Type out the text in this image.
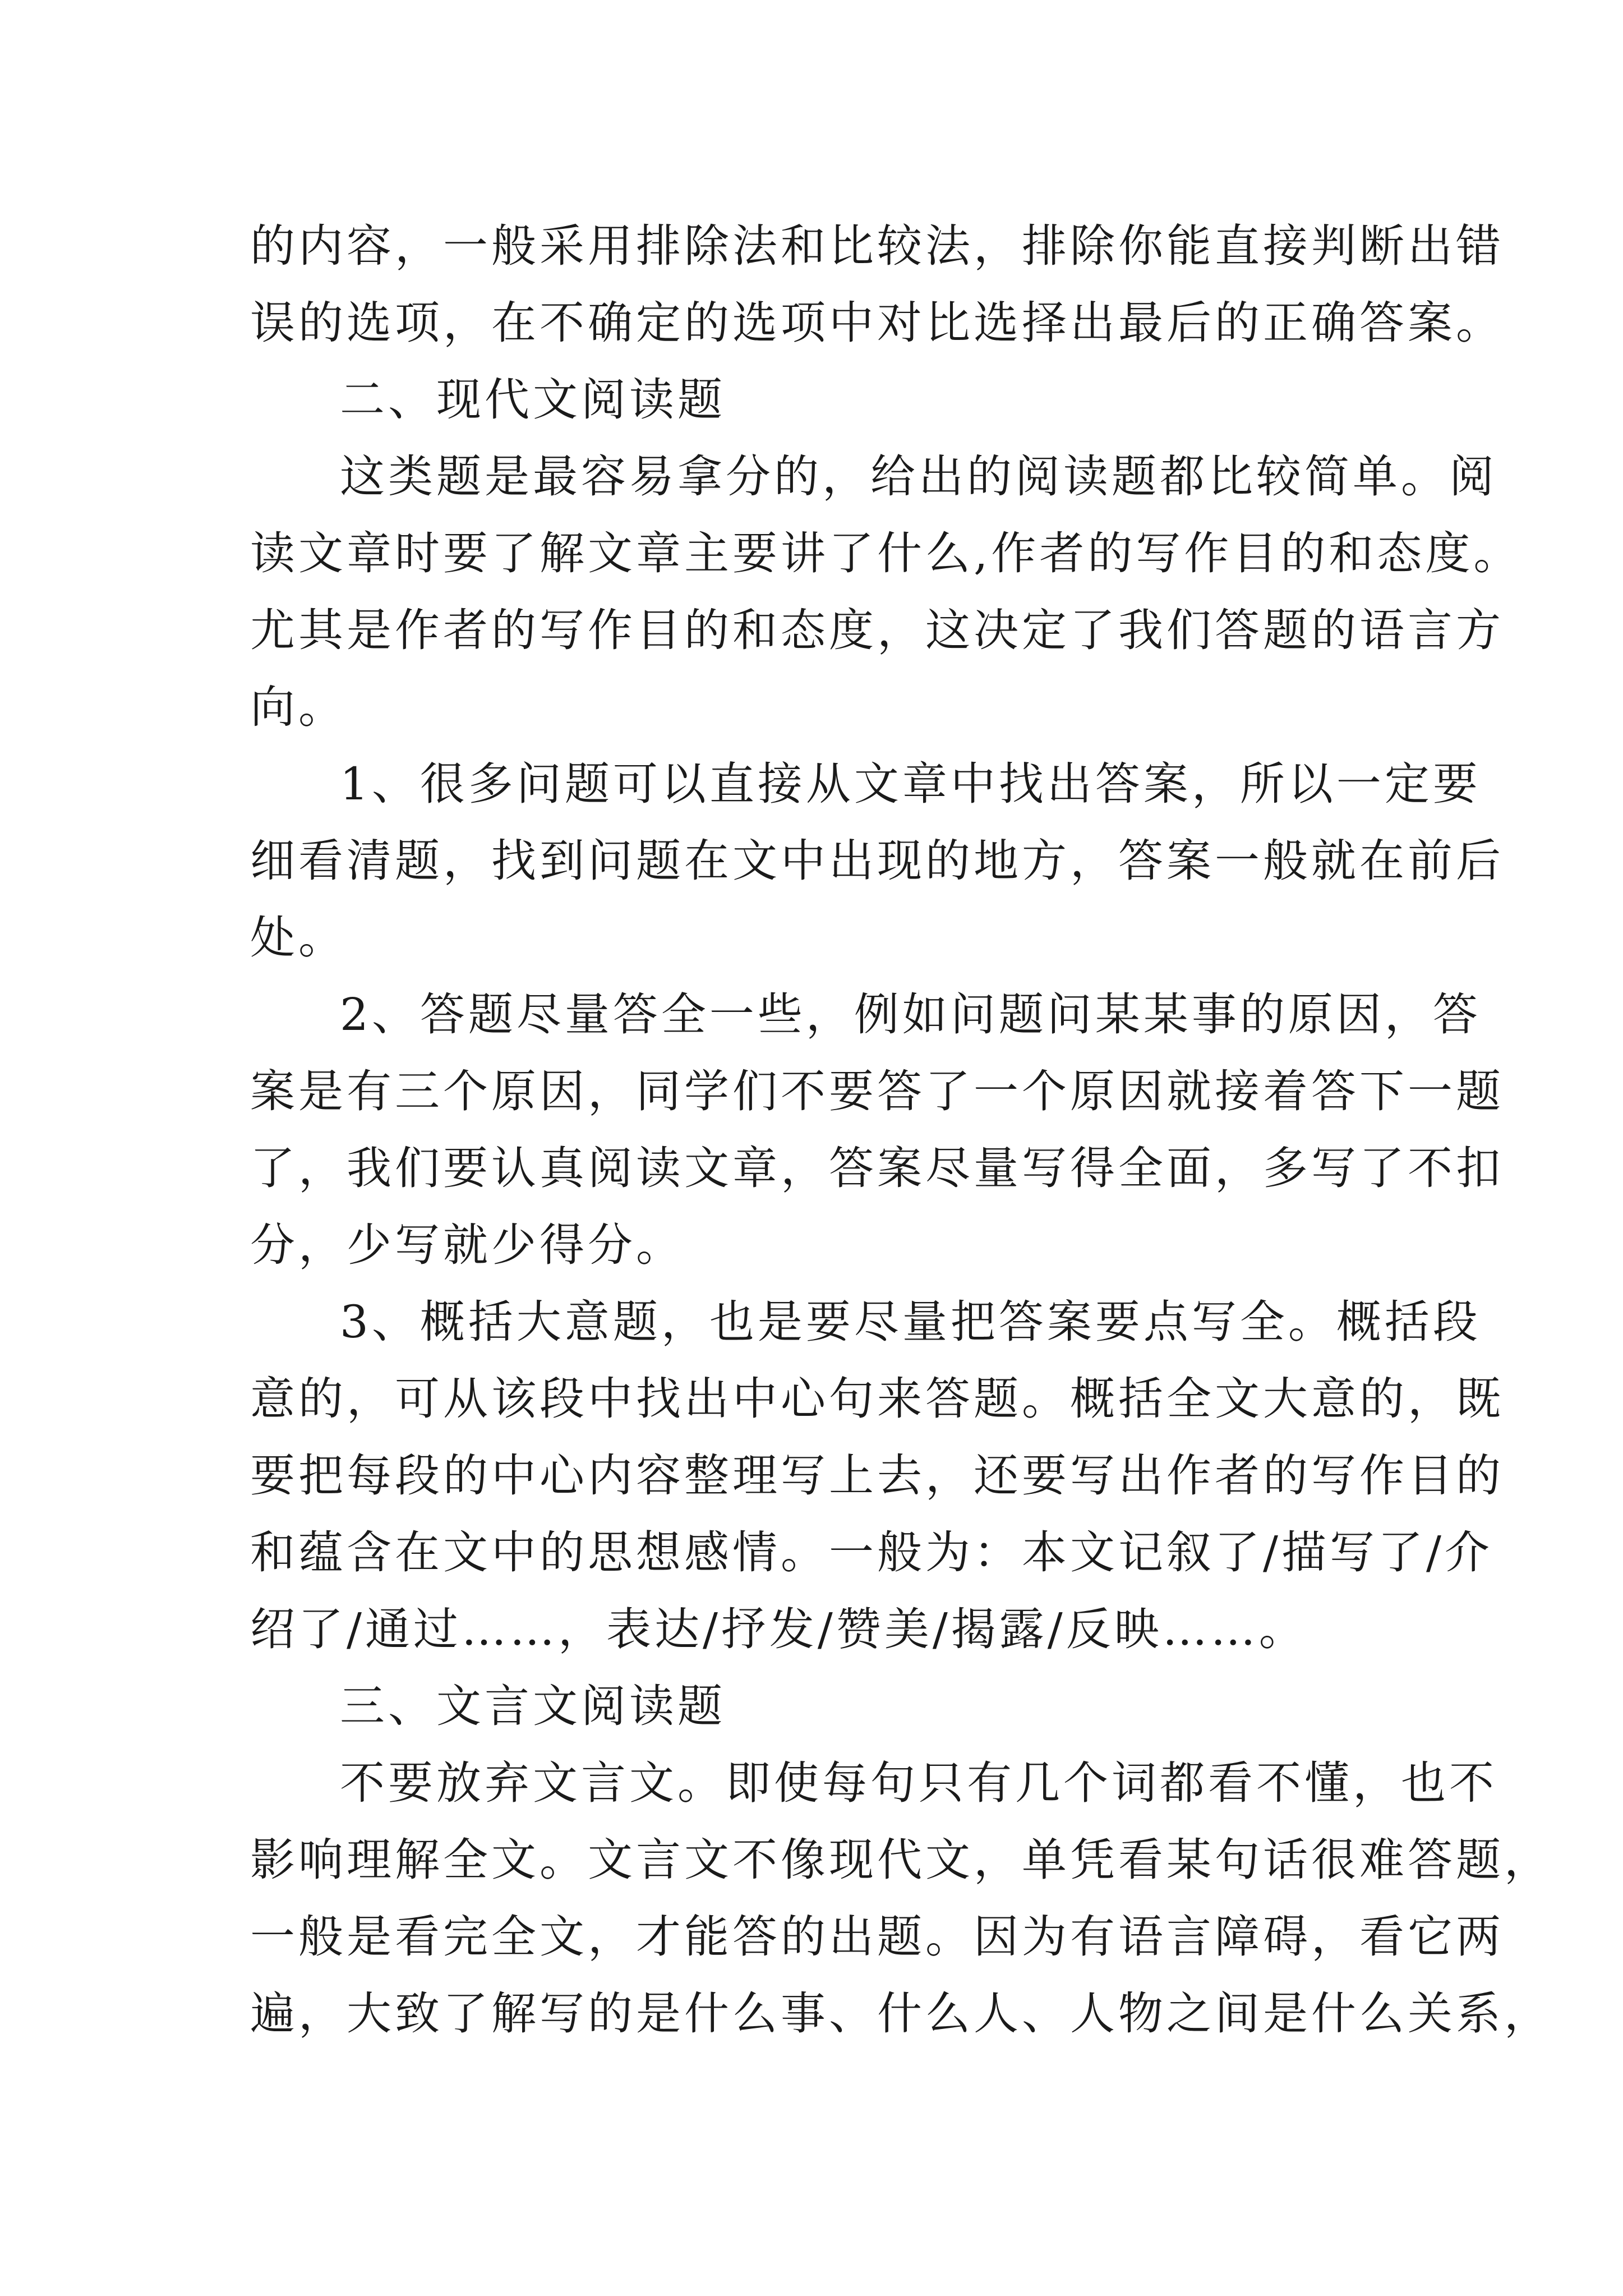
的内容，一般采用排除法和比较法，排除你能直接判断出错
误的选项，在不确定的选项中对比选择出最后的正确答案。
二、现代文阅读题
这类题是最容易拿分的，给出的阅读题都比较简单。阅
读文章时要了解文章主要讲了什么,作者的写作目的和态度。
尤其是作者的写作目的和态度，这决定了我们答题的语言方
向。
1、很多问题可以直接从文章中找出答案，所以一定要
细看清题，找到问题在文中出现的地方，答案一般就在前后
处。
2、答题尽量答全一些，例如问题问某某事的原因，答
案是有三个原因，同学们不要答了一个原因就接着答下一题
了，我们要认真阅读文章，答案尽量写得全面，多写了不扣
分，少写就少得分。
3、概括大意题，也是要尽量把答案要点写全。概括段
意的，可从该段中找出中心句来答题。概括全文大意的，既
要把每段的中心内容整理写上去，还要写出作者的写作目的
和蕴含在文中的思想感情。一般为：本文记叙了/描写了/介
绍了/通过……，表达/抒发/赞美/揭露/反映……。
三、文言文阅读题
不要放弃文言文。即使每句只有几个词都看不懂，也不
影响理解全文。文言文不像现代文，单凭看某句话很难答题，
一般是看完全文，才能答的出题。因为有语言障碍，看它两
遍，大致了解写的是什么事、什么人、人物之间是什么关系，
